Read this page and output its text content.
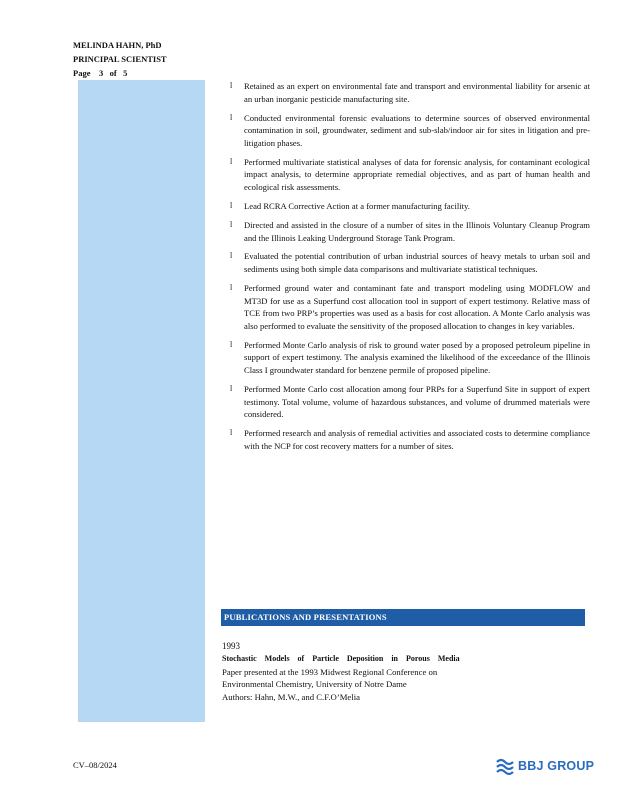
MELINDA HAHN, PhD
PRINCIPAL SCIENTIST
Page 3 of 5
l Retained as an expert on environmental fate and transport and environmental liability for arsenic at an urban inorganic pesticide manufacturing site.
l Conducted environmental forensic evaluations to determine sources of observed environmental contamination in soil, groundwater, sediment and sub-slab/indoor air for sites in litigation and pre-litigation phases.
l Performed multivariate statistical analyses of data for forensic analysis, for contaminant ecological impact analysis, to determine appropriate remedial objectives, and as part of human health and ecological risk assessments.
l Lead RCRA Corrective Action at a former manufacturing facility.
l Directed and assisted in the closure of a number of sites in the Illinois Voluntary Cleanup Program and the Illinois Leaking Underground Storage Tank Program.
l Evaluated the potential contribution of urban industrial sources of heavy metals to urban soil and sediments using both simple data comparisons and multivariate statistical techniques.
l Performed ground water and contaminant fate and transport modeling using MODFLOW and MT3D for use as a Superfund cost allocation tool in support of expert testimony. Relative mass of TCE from two PRP’s properties was used as a basis for cost allocation. A Monte Carlo analysis was also performed to evaluate the sensitivity of the proposed allocation to changes in key variables.
l Performed Monte Carlo analysis of risk to ground water posed by a proposed petroleum pipeline in support of expert testimony. The analysis examined the likelihood of the exceedance of the Illinois Class I groundwater standard for benzene permile of proposed pipeline.
l Performed Monte Carlo cost allocation among four PRPs for a Superfund Site in support of expert testimony. Total volume, volume of hazardous substances, and volume of drummed materials were considered.
l Performed research and analysis of remedial activities and associated costs to determine compliance with the NCP for cost recovery matters for a number of sites.
PUBLICATIONS AND PRESENTATIONS
1993
Stochastic Models of Particle Deposition in Porous Media
Paper presented at the 1993 Midwest Regional Conference on
Environmental Chemistry, University of Notre Dame
Authors: Hahn, M.W., and C.F.O’Melia
CV–08/2024	BBJ GROUP
